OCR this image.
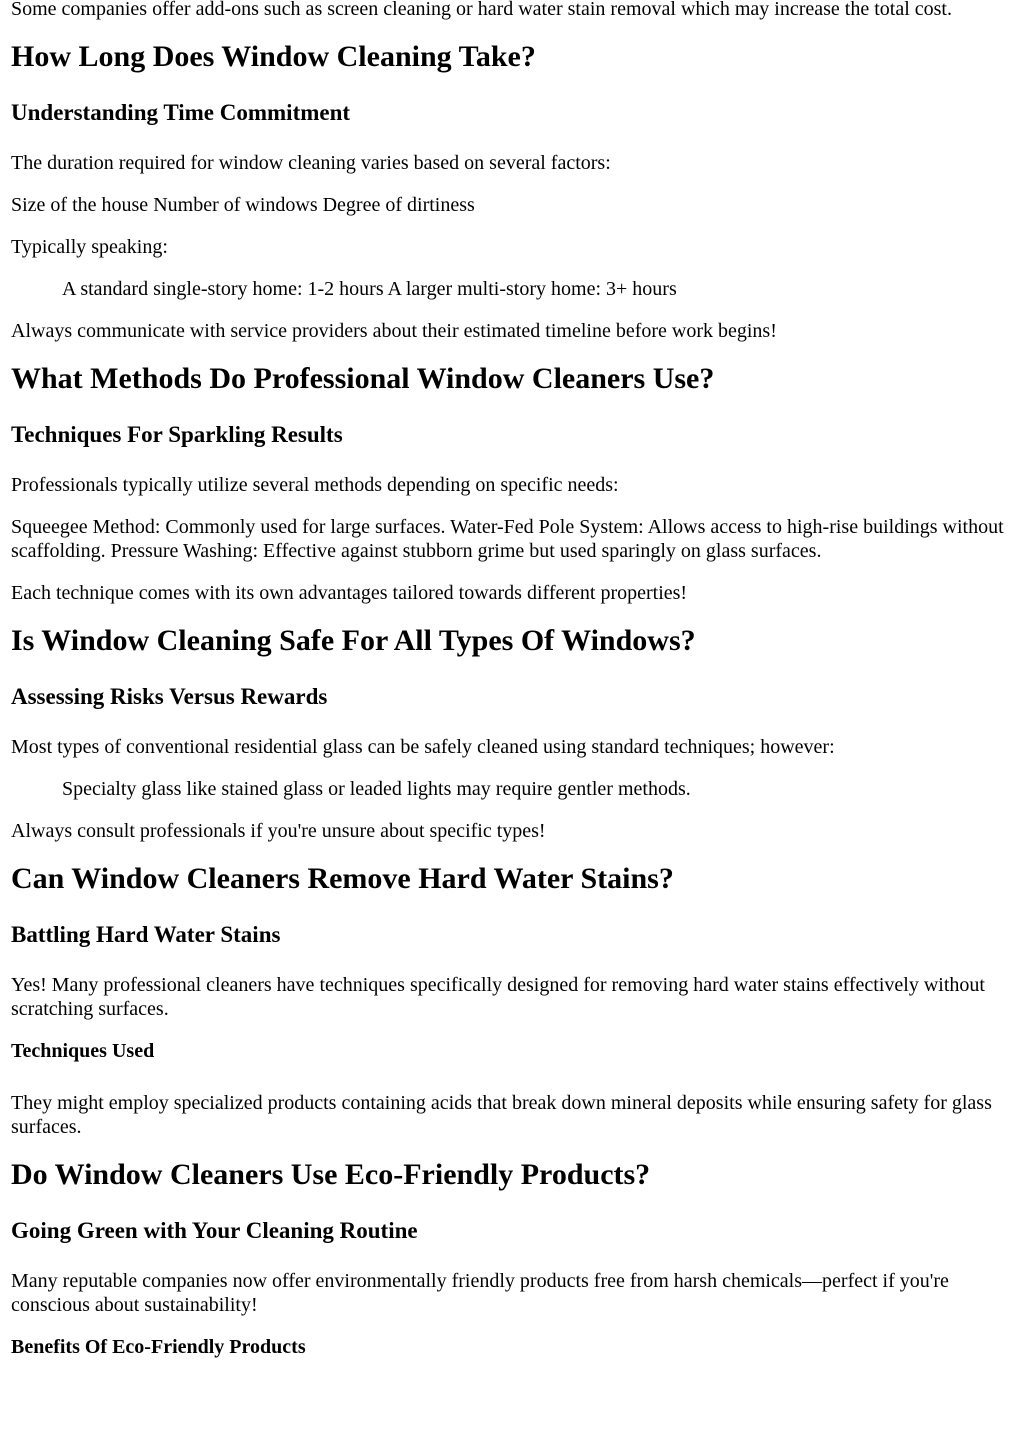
Some companies offer add-ons such as screen cleaning or hard water stain removal which may increase the total cost.

How Long Does Window Cleaning Take?
Understanding Time Commitment

The duration required for window cleaning varies based on several factors:

Size of the house Number of windows Degree of dirtiness

Typically speaking:

A standard single-story home: 1-2 hours A larger multi-story home: 3+ hours

Always communicate with service providers about their estimated timeline before work begins!

What Methods Do Professional Window Cleaners Use?
Techniques For Sparkling Results

Professionals typically utilize several methods depending on specific needs:

Squeegee Method: Commonly used for large surfaces. Water-Fed Pole System: Allows access to high-rise buildings without scaffolding. Pressure Washing: Effective against stubborn grime but used sparingly on glass surfaces.

Each technique comes with its own advantages tailored towards different properties!

Is Window Cleaning Safe For All Types Of Windows?
Assessing Risks Versus Rewards

Most types of conventional residential glass can be safely cleaned using standard techniques; however:

Specialty glass like stained glass or leaded lights may require gentler methods.

Always consult professionals if you're unsure about specific types!

Can Window Cleaners Remove Hard Water Stains?
Battling Hard Water Stains

Yes! Many professional cleaners have techniques specifically designed for removing hard water stains effectively without scratching surfaces.

Techniques Used

They might employ specialized products containing acids that break down mineral deposits while ensuring safety for glass surfaces.

Do Window Cleaners Use Eco-Friendly Products?
Going Green with Your Cleaning Routine

Many reputable companies now offer environmentally friendly products free from harsh chemicals—perfect if you're conscious about sustainability!

Benefits Of Eco-Friendly Products
